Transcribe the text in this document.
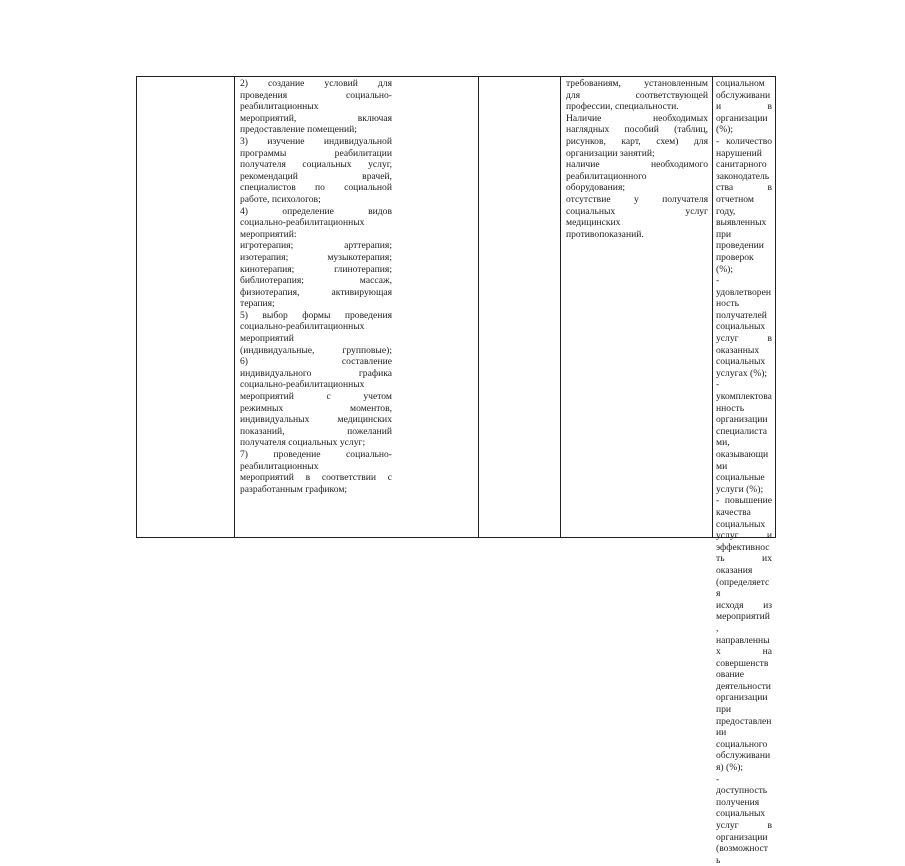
2) создание условий для
проведения социально-
реабилитационных
мероприятий, включая
предоставление помещений;
3) изучение индивидуальной
программы реабилитации
получателя социальных услуг,
рекомендаций врачей,
специалистов по социальной
работе, психологов;
4) определение видов
социально-реабилитационных
мероприятий:
игротерапия; арттерапия;
изотерапия; музыкотерапия;
кинотерапия; глинотерапия;
библиотерапия; массаж,
физиотерапия, активирующая
терапия;
5) выбор формы проведения
социально-реабилитационных
мероприятий
(индивидуальные, групповые);
6) составление
индивидуального графика
социально-реабилитационных
мероприятий с учетом
режимных моментов,
индивидуальных медицинских
показаний, пожеланий
получателя социальных услуг;
7) проведение социально-
реабилитационных
мероприятий в соответствии с
разработанным графиком;
требованиям, установленным
для соответствующей
профессии, специальности.
Наличие необходимых
наглядных пособий (таблиц,
рисунков, карт, схем) для
организации занятий;
наличие необходимого
реабилитационного
оборудования;
отсутствие у получателя
социальных услуг
медицинских
противопоказаний.
социальном
обслуживании в
организации (%);
- количество нарушений
санитарного
законодательства в
отчетном году,
выявленных при
проведении проверок
(%);
- удовлетворенность
получателей
социальных услуг в
оказанных социальных
услугах (%);
- укомплектованность
организации
специалистами,
оказывающими
социальные услуги (%);
- повышение качества
социальных услуг и
эффективность их
оказания (определяется
исходя из мероприятий,
направленных на
совершенствование
деятельности
организации при
предоставлении
социального
обслуживания) (%);
- доступность получения
социальных услуг в
организации
(возможность
